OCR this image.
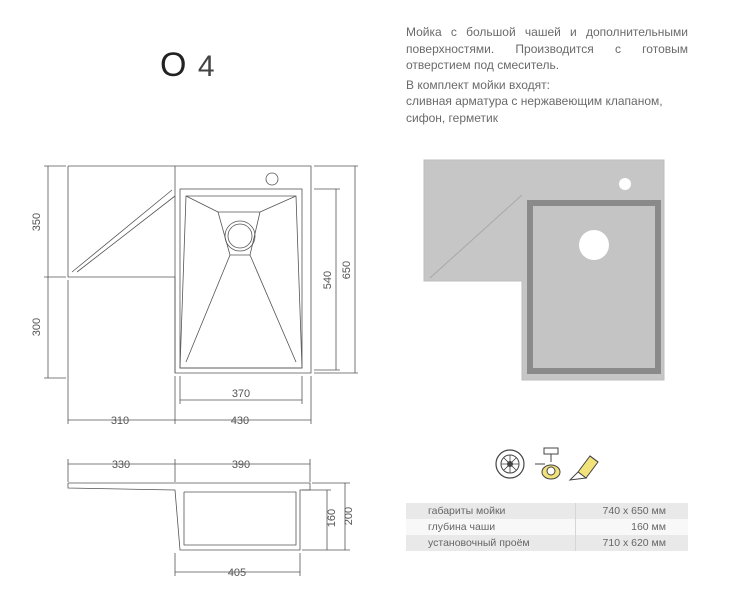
O 4

Мойка с большой чашей и дополнительными поверхностями. Производится с готовым отверстием под смеситель.

В комплект мойки входят:

сливная арматура с нержавеющим клапаном, сифон, герметик

350
300
540
650
370
310	430
330	390
160 200
405
габариты мойки	740 х 650 мм
глубина чаши	160 мм
установочный проём	710 х 620 мм
